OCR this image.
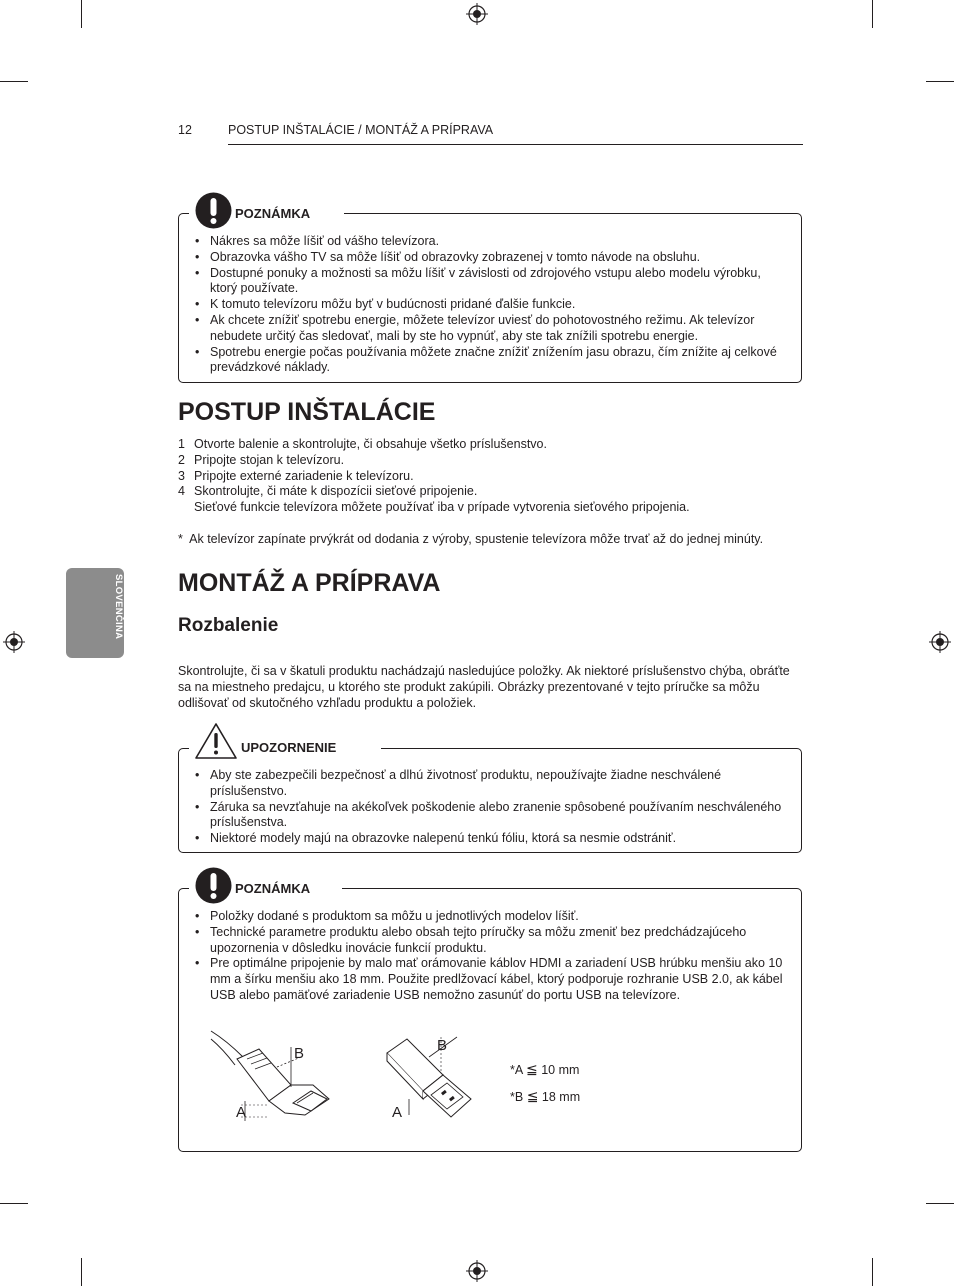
12	POSTUP INŠTALÁCIE / MONTÁŽ A PRÍPRAVA
SLOVENČINA
POZNÁMKA
• Nákres sa môže líšiť od vášho televízora.
• Obrazovka vášho TV sa môže líšiť od obrazovky zobrazenej v tomto návode na obsluhu.
• Dostupné ponuky a možnosti sa môžu líšiť v závislosti od zdrojového vstupu alebo modelu výrobku, ktorý používate.
• K tomuto televízoru môžu byť v budúcnosti pridané ďalšie funkcie.
• Ak chcete znížiť spotrebu energie, môžete televízor uviesť do pohotovostného režimu. Ak televízor nebudete určitý čas sledovať, mali by ste ho vypnúť, aby ste tak znížili spotrebu energie.
• Spotrebu energie počas používania môžete značne znížiť znížením jasu obrazu, čím znížite aj celkové prevádzkové náklady.
POSTUP INŠTALÁCIE
1 Otvorte balenie a skontrolujte, či obsahuje všetko príslušenstvo.
2 Pripojte stojan k televízoru.
3 Pripojte externé zariadenie k televízoru.
4 Skontrolujte, či máte k dispozícii sieťové pripojenie.
Sieťové funkcie televízora môžete používať iba v prípade vytvorenia sieťového pripojenia.
* Ak televízor zapínate prvýkrát od dodania z výroby, spustenie televízora môže trvať až do jednej minúty.
MONTÁŽ A PRÍPRAVA
Rozbalenie
Skontrolujte, či sa v škatuli produktu nachádzajú nasledujúce položky. Ak niektoré príslušenstvo chýba, obráťte sa na miestneho predajcu, u ktorého ste produkt zakúpili. Obrázky prezentované v tejto príručke sa môžu odlišovať od skutočného vzhľadu produktu a položiek.
UPOZORNENIE
• Aby ste zabezpečili bezpečnosť a dlhú životnosť produktu, nepoužívajte žiadne neschválené príslušenstvo.
• Záruka sa nevzťahuje na akékoľvek poškodenie alebo zranenie spôsobené používaním neschváleného príslušenstva.
• Niektoré modely majú na obrazovke nalepenú tenkú fóliu, ktorá sa nesmie odstrániť.
POZNÁMKA
• Položky dodané s produktom sa môžu u jednotlivých modelov líšiť.
• Technické parametre produktu alebo obsah tejto príručky sa môžu zmeniť bez predchádzajúceho upozornenia v dôsledku inovácie funkcií produktu.
• Pre optimálne pripojenie by malo mať orámovanie káblov HDMI a zariadení USB hrúbku menšiu ako 10 mm a šírku menšiu ako 18 mm. Použite predlžovací kábel, ktorý podporuje rozhranie USB 2.0, ak kábel USB alebo pamäťové zariadenie USB nemožno zasunúť do portu USB na televízore.
B
A
B
A
*A ≦ 10 mm
*B ≦ 18 mm
